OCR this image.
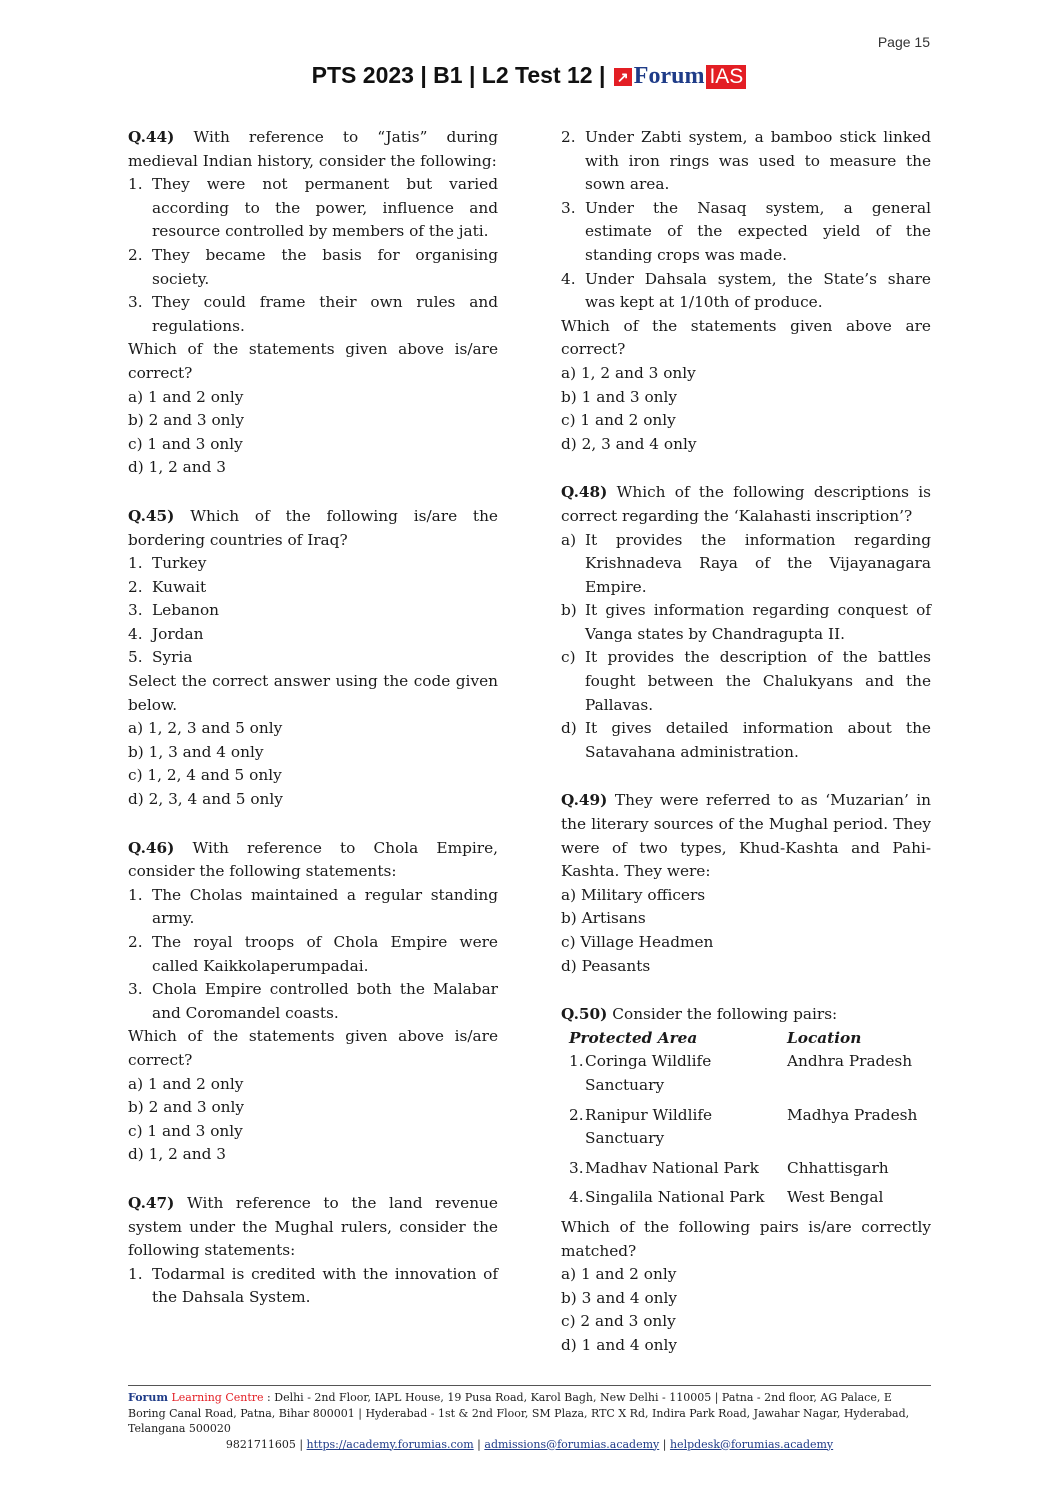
Page 15
PTS 2023 | B1 | L2 Test 12 | ↗ Forum IAS

Q.44) With reference to “Jatis” during medieval Indian history, consider the following:

1. They were not permanent but varied according to the power, influence and resource controlled by members of the jati.
2. They became the basis for organising society.
3. They could frame their own rules and regulations.

Which of the statements given above is/are correct?

a) 1 and 2 only

b) 2 and 3 only

c) 1 and 3 only

d) 1, 2 and 3

Q.45) Which of the following is/are the bordering countries of Iraq?

1. Turkey
2. Kuwait
3. Lebanon
4. Jordan
5. Syria

Select the correct answer using the code given below.

a) 1, 2, 3 and 5 only

b) 1, 3 and 4 only

c) 1, 2, 4 and 5 only

d) 2, 3, 4 and 5 only

Q.46) With reference to Chola Empire, consider the following statements:

1. The Cholas maintained a regular standing army.
2. The royal troops of Chola Empire were called Kaikkolaperumpadai.
3. Chola Empire controlled both the Malabar and Coromandel coasts.

Which of the statements given above is/are correct?

a) 1 and 2 only

b) 2 and 3 only

c) 1 and 3 only

d) 1, 2 and 3

Q.47) With reference to the land revenue system under the Mughal rulers, consider the following statements:

1. Todarmal is credited with the innovation of the Dahsala System.
2. Under Zabti system, a bamboo stick linked with iron rings was used to measure the sown area.
3. Under the Nasaq system, a general estimate of the expected yield of the standing crops was made.
4. Under Dahsala system, the State’s share was kept at 1/10th of produce.

Which of the statements given above are correct?

a) 1, 2 and 3 only

b) 1 and 3 only

c) 1 and 2 only

d) 2, 3 and 4 only

Q.48) Which of the following descriptions is correct regarding the ‘Kalahasti inscription’?

a) It provides the information regarding Krishnadeva Raya of the Vijayanagara Empire.
b) It gives information regarding conquest of Vanga states by Chandragupta II.
c) It provides the description of the battles fought between the Chalukyans and the Pallavas.
d) It gives detailed information about the Satavahana administration.

Q.49) They were referred to as ‘Muzarian’ in the literary sources of the Mughal period. They were of two types, Khud-Kashta and Pahi-Kashta. They were:

a) Military officers

b) Artisans

c) Village Headmen

d) Peasants

Q.50) Consider the following pairs:

Protected Area	Location

1. Coringa Wildlife Sanctuary	Andhra Pradesh

2. Ranipur Wildlife Sanctuary	Madhya Pradesh

3. Madhav National Park	Chhattisgarh

4. Singalila National Park	West Bengal

Which of the following pairs is/are correctly matched?

a) 1 and 2 only

b) 3 and 4 only

c) 2 and 3 only

d) 1 and 4 only

Forum Learning Centre : Delhi - 2nd Floor, IAPL House, 19 Pusa Road, Karol Bagh, New Delhi - 110005 | Patna - 2nd floor, AG Palace, E Boring Canal Road, Patna, Bihar 800001 | Hyderabad - 1st & 2nd Floor, SM Plaza, RTC X Rd, Indira Park Road, Jawahar Nagar, Hyderabad, Telangana 500020
9821711605 | https://academy.forumias.com | admissions@forumias.academy | helpdesk@forumias.academy
